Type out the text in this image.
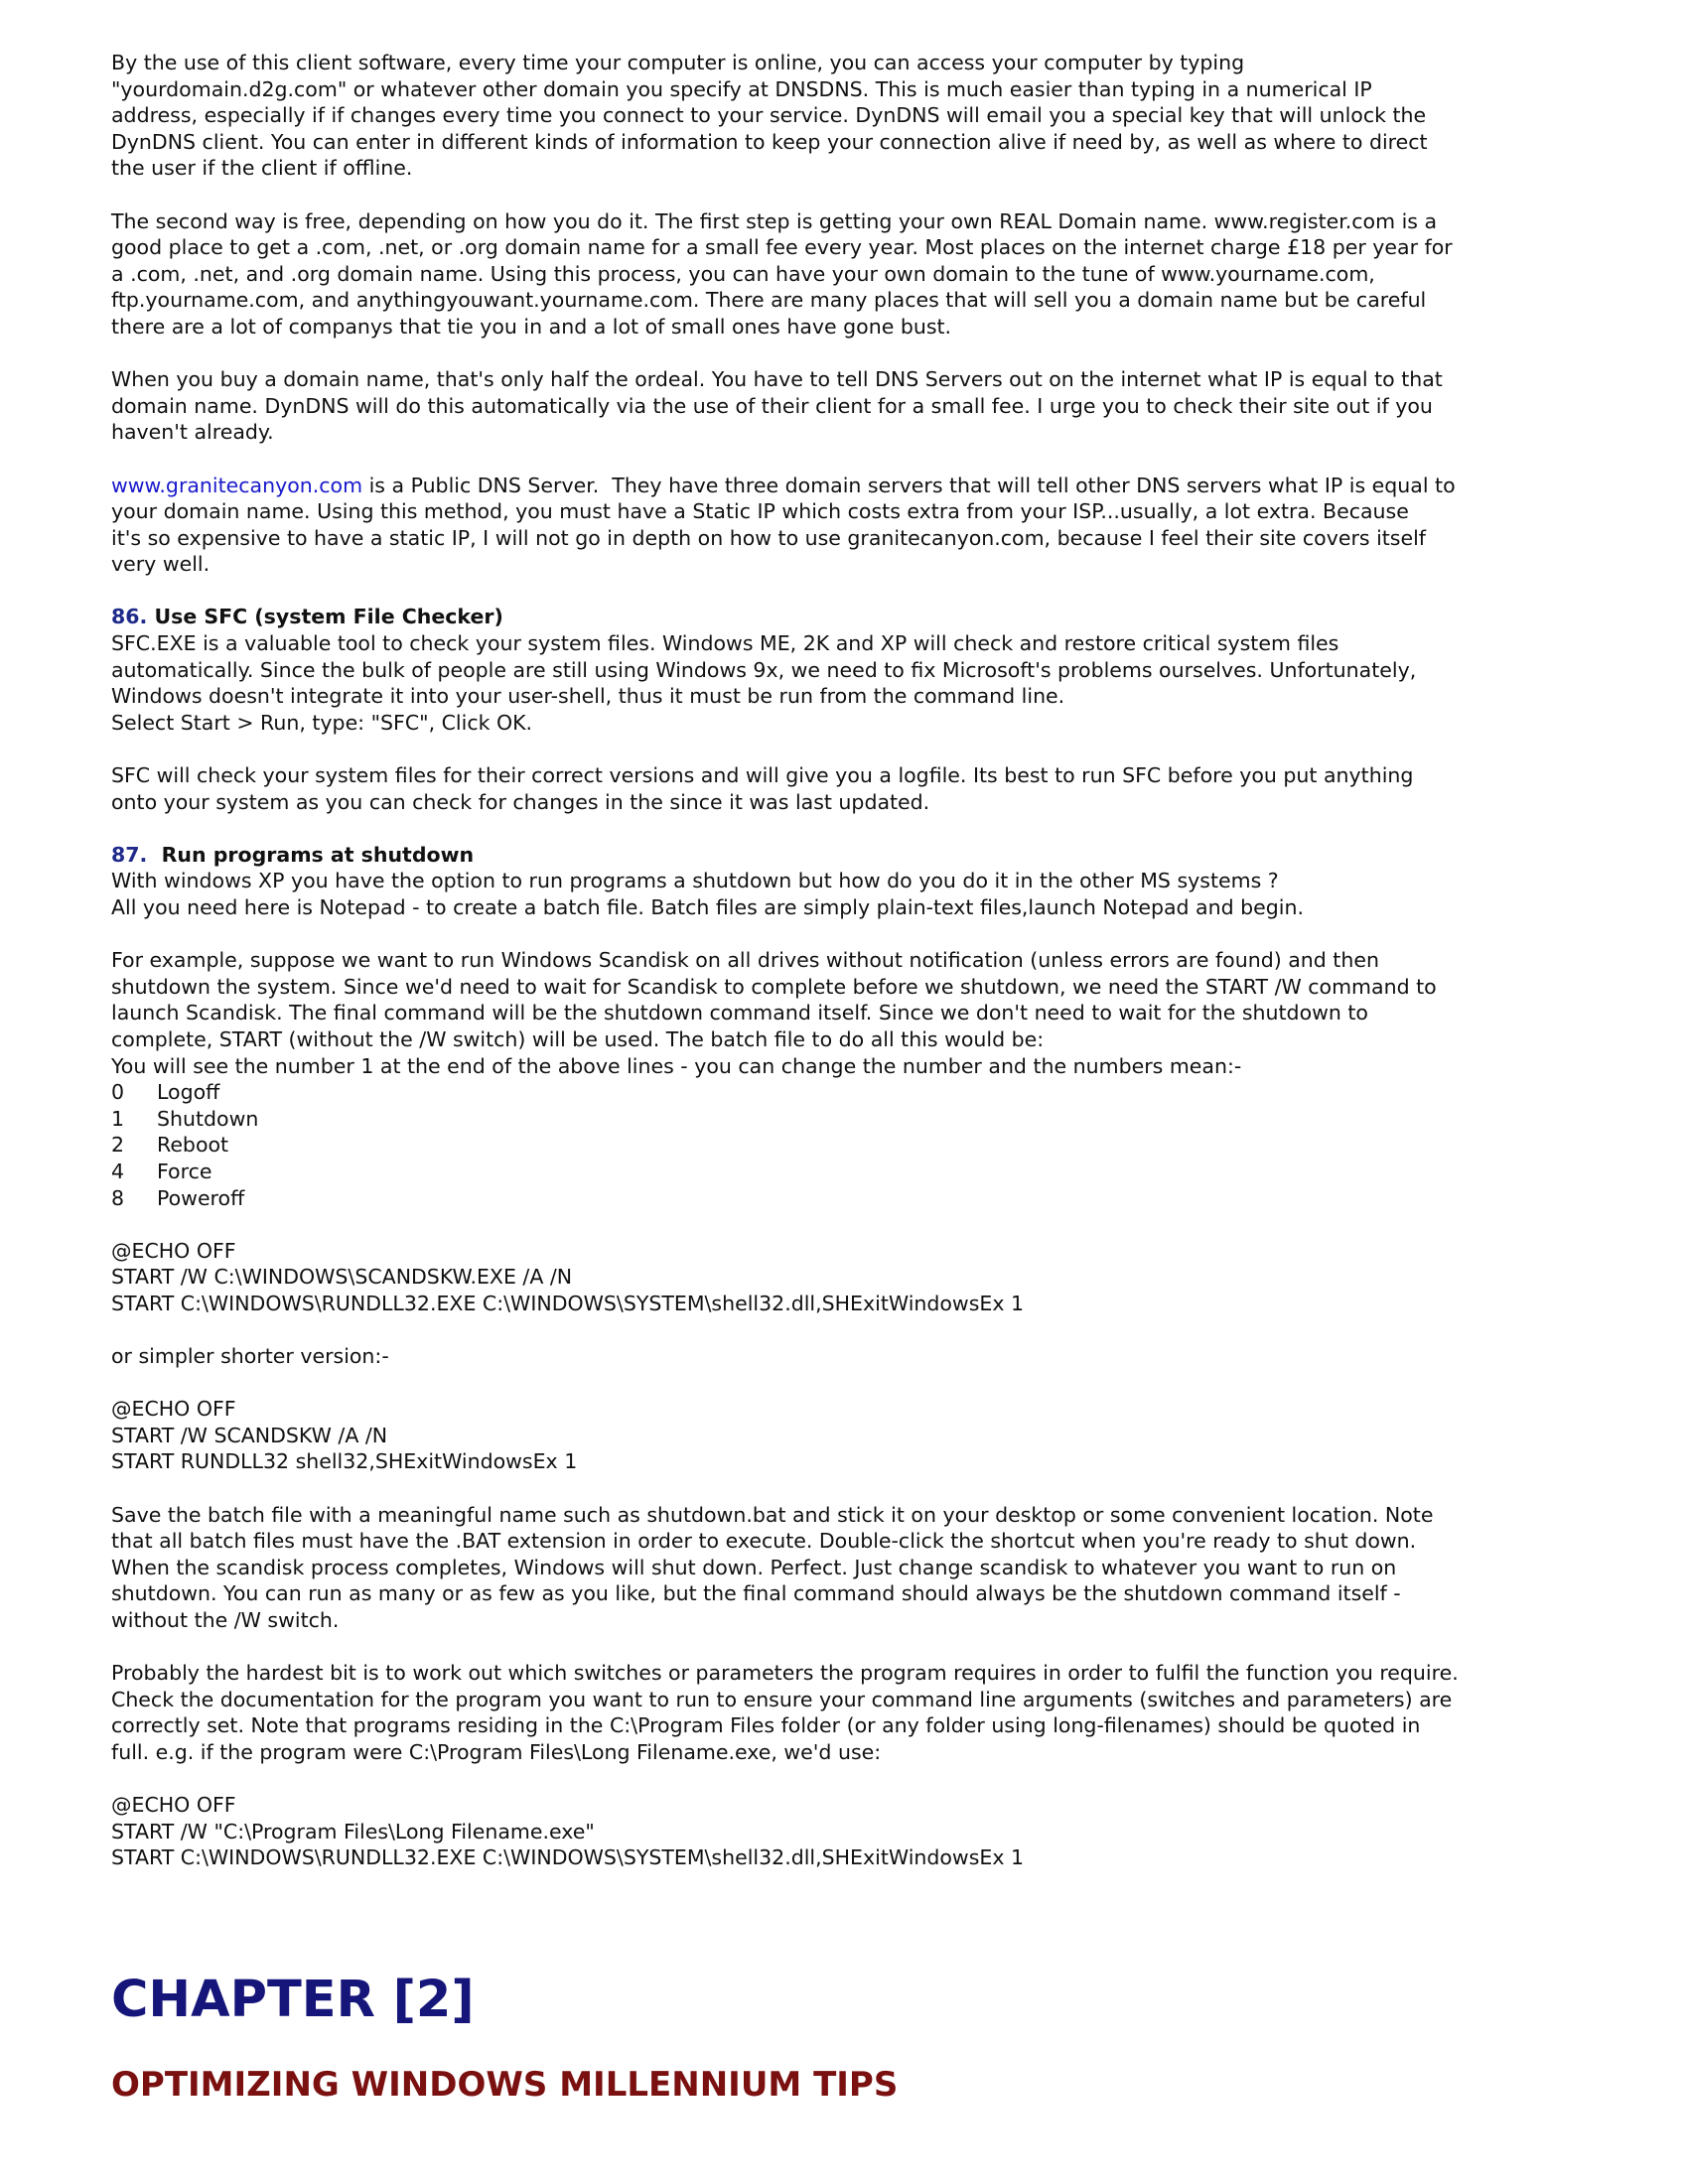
By the use of this client software, every time your computer is online, you can access your computer by typing
"yourdomain.d2g.com" or whatever other domain you specify at DNSDNS. This is much easier than typing in a numerical IP
address, especially if if changes every time you connect to your service. DynDNS will email you a special key that will unlock the
DynDNS client. You can enter in different kinds of information to keep your connection alive if need by, as well as where to direct
the user if the client if offline.

The second way is free, depending on how you do it. The first step is getting your own REAL Domain name. www.register.com is a
good place to get a .com, .net, or .org domain name for a small fee every year. Most places on the internet charge £18 per year for
a .com, .net, and .org domain name. Using this process, you can have your own domain to the tune of www.yourname.com,
ftp.yourname.com, and anythingyouwant.yourname.com. There are many places that will sell you a domain name but be careful
there are a lot of companys that tie you in and a lot of small ones have gone bust.

When you buy a domain name, that's only half the ordeal. You have to tell DNS Servers out on the internet what IP is equal to that
domain name. DynDNS will do this automatically via the use of their client for a small fee. I urge you to check their site out if you
haven't already.

www.granitecanyon.com is a Public DNS Server.  They have three domain servers that will tell other DNS servers what IP is equal to
your domain name. Using this method, you must have a Static IP which costs extra from your ISP...usually, a lot extra. Because
it's so expensive to have a static IP, I will not go in depth on how to use granitecanyon.com, because I feel their site covers itself
very well.

86. Use SFC (system File Checker)

SFC.EXE is a valuable tool to check your system files. Windows ME, 2K and XP will check and restore critical system files
automatically. Since the bulk of people are still using Windows 9x, we need to fix Microsoft's problems ourselves. Unfortunately,
Windows doesn't integrate it into your user-shell, thus it must be run from the command line.
Select Start > Run, type: "SFC", Click OK.

SFC will check your system files for their correct versions and will give you a logfile. Its best to run SFC before you put anything
onto your system as you can check for changes in the since it was last updated.

87.  Run programs at shutdown

With windows XP you have the option to run programs a shutdown but how do you do it in the other MS systems ?
All you need here is Notepad - to create a batch file. Batch files are simply plain-text files,launch Notepad and begin.

For example, suppose we want to run Windows Scandisk on all drives without notification (unless errors are found) and then
shutdown the system. Since we'd need to wait for Scandisk to complete before we shutdown, we need the START /W command to
launch Scandisk. The final command will be the shutdown command itself. Since we don't need to wait for the shutdown to
complete, START (without the /W switch) will be used. The batch file to do all this would be:
You will see the number 1 at the end of the above lines - you can change the number and the numbers mean:-

0 Logoff
1 Shutdown
2 Reboot
4 Force
8 Poweroff
@ECHO OFF
START /W C:\WINDOWS\SCANDSKW.EXE /A /N
START C:\WINDOWS\RUNDLL32.EXE C:\WINDOWS\SYSTEM\shell32.dll,SHExitWindowsEx 1

or simpler shorter version:-

@ECHO OFF
START /W SCANDSKW /A /N
START RUNDLL32 shell32,SHExitWindowsEx 1

Save the batch file with a meaningful name such as shutdown.bat and stick it on your desktop or some convenient location. Note
that all batch files must have the .BAT extension in order to execute. Double-click the shortcut when you're ready to shut down.
When the scandisk process completes, Windows will shut down. Perfect. Just change scandisk to whatever you want to run on
shutdown. You can run as many or as few as you like, but the final command should always be the shutdown command itself -
without the /W switch.

Probably the hardest bit is to work out which switches or parameters the program requires in order to fulfil the function you require.
Check the documentation for the program you want to run to ensure your command line arguments (switches and parameters) are
correctly set. Note that programs residing in the C:\Program Files folder (or any folder using long-filenames) should be quoted in
full. e.g. if the program were C:\Program Files\Long Filename.exe, we'd use:

@ECHO OFF
START /W "C:\Program Files\Long Filename.exe"
START C:\WINDOWS\RUNDLL32.EXE C:\WINDOWS\SYSTEM\shell32.dll,SHExitWindowsEx 1
CHAPTER [2]
OPTIMIZING WINDOWS MILLENNIUM TIPS
